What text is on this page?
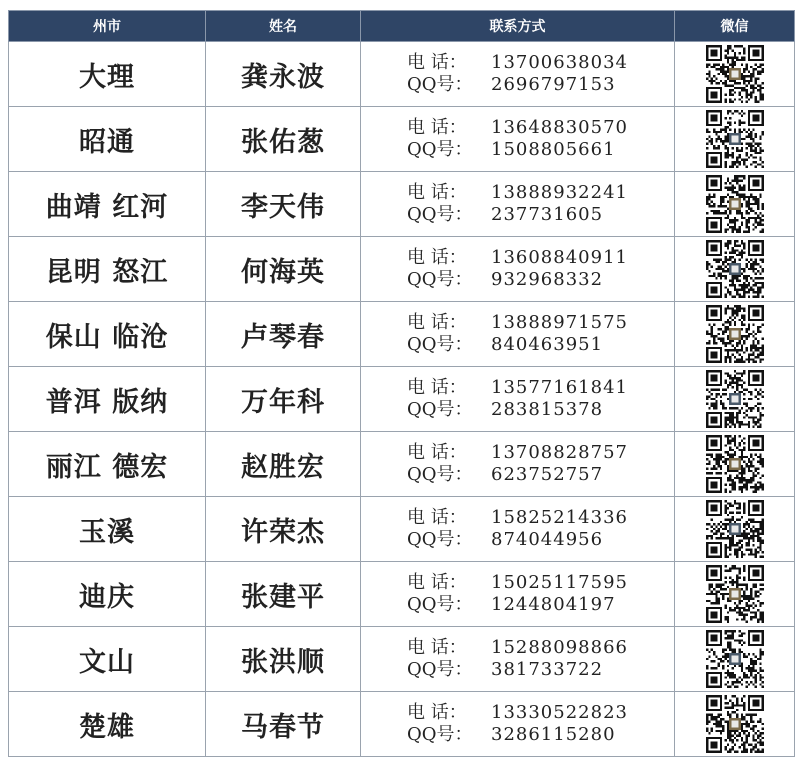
州市	姓名	联系方式	微信
大理	龚永波	电 话： 13700638034
QQ号： 2696797153

昭通	张佑葱	电 话： 13648830570
QQ号： 1508805661

曲靖 红河	李天伟	电 话： 13888932241
QQ号： 237731605

昆明 怒江	何海英	电 话： 13608840911
QQ号： 932968332

保山 临沧	卢琴春	电 话： 13888971575
QQ号： 840463951

普洱 版纳	万年科	电 话： 13577161841
QQ号： 283815378

丽江 德宏	赵胜宏	电 话： 13708828757
QQ号： 623752757

玉溪	许荣杰	电 话： 15825214336
QQ号： 874044956

迪庆	张建平	电 话： 15025117595
QQ号： 1244804197

文山	张洪顺	电 话： 15288098866
QQ号： 381733722

楚雄	马春节	电 话： 13330522823
QQ号： 3286115280
